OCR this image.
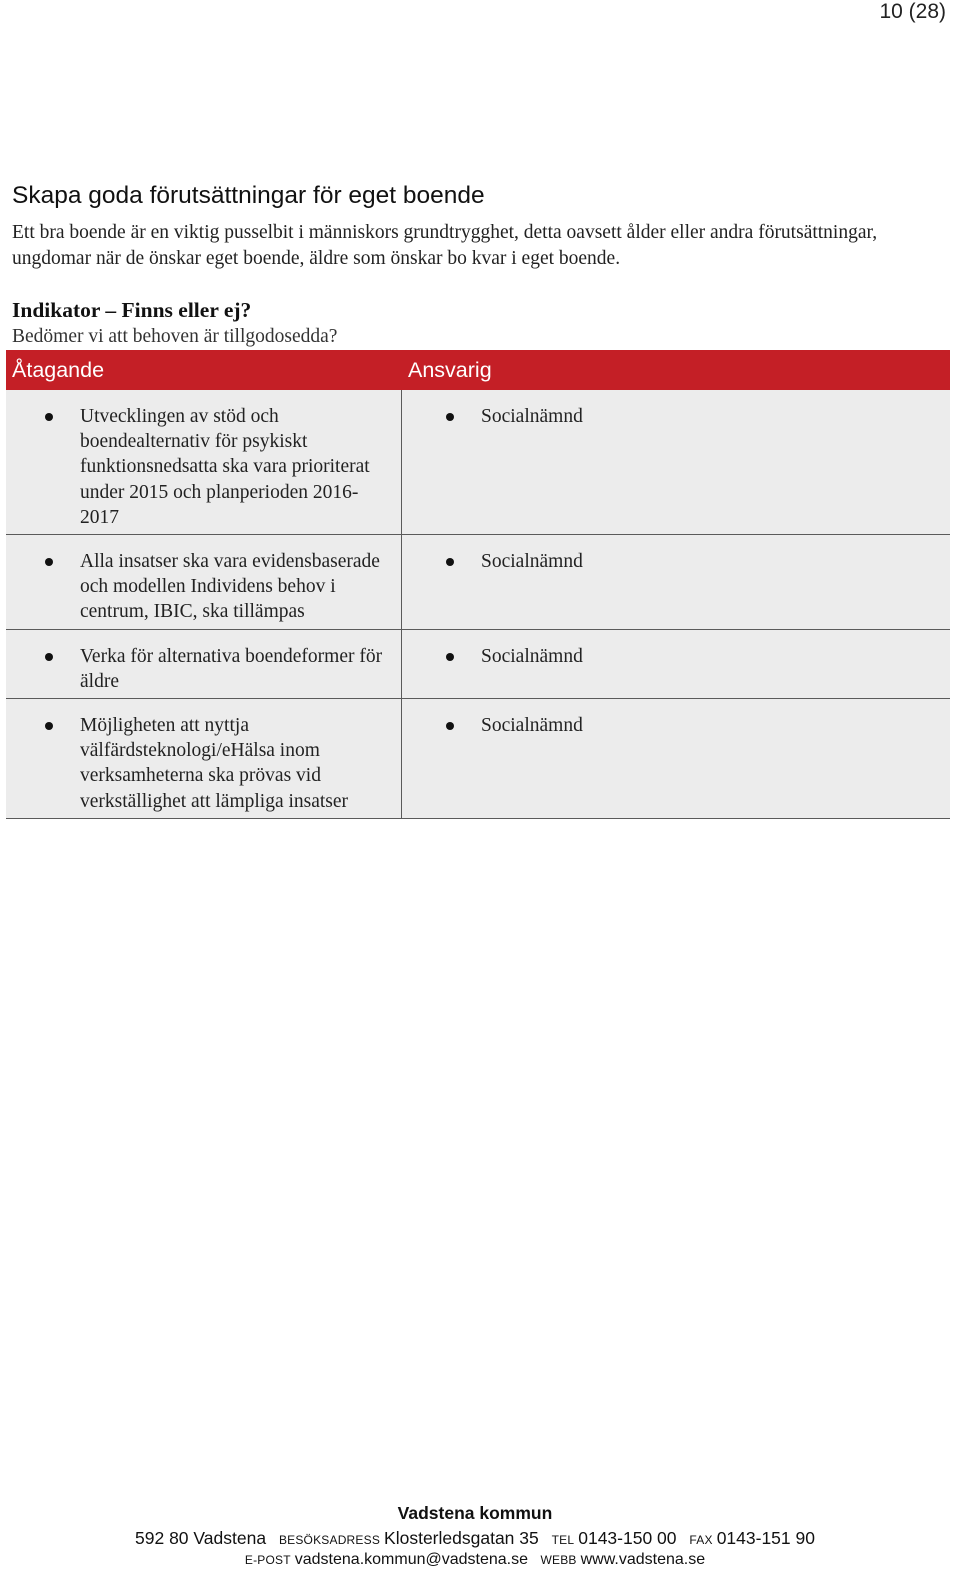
10 (28)
Skapa goda förutsättningar för eget boende

Ett bra boende är en viktig pusselbit i människors grundtrygghet, detta oavsett ålder eller andra förutsättningar, ungdomar när de önskar eget boende, äldre som önskar bo kvar i eget boende.

Indikator – Finns eller ej?

Bedömer vi att behoven är tillgodosedda?

Åtagande	Ansvarig
Utvecklingen av stöd och boendealternativ för psykiskt funktionsnedsatta ska vara prioriterat under 2015 och planperioden 2016-2017
Socialnämnd
Alla insatser ska vara evidensbaserade och modellen Individens behov i centrum, IBIC, ska tillämpas
Socialnämnd
Verka för alternativa boendeformer för äldre
Socialnämnd
Möjligheten att nyttja välfärdsteknologi/eHälsa inom verksamheterna ska prövas vid verkställighet att lämpliga insatser
Socialnämnd
Vadstena kommun
592 80 Vadstena BESÖKSADRESS Klosterledsgatan 35 TEL 0143-150 00 FAX 0143-151 90
E-POST vadstena.kommun@vadstena.se WEBB www.vadstena.se
